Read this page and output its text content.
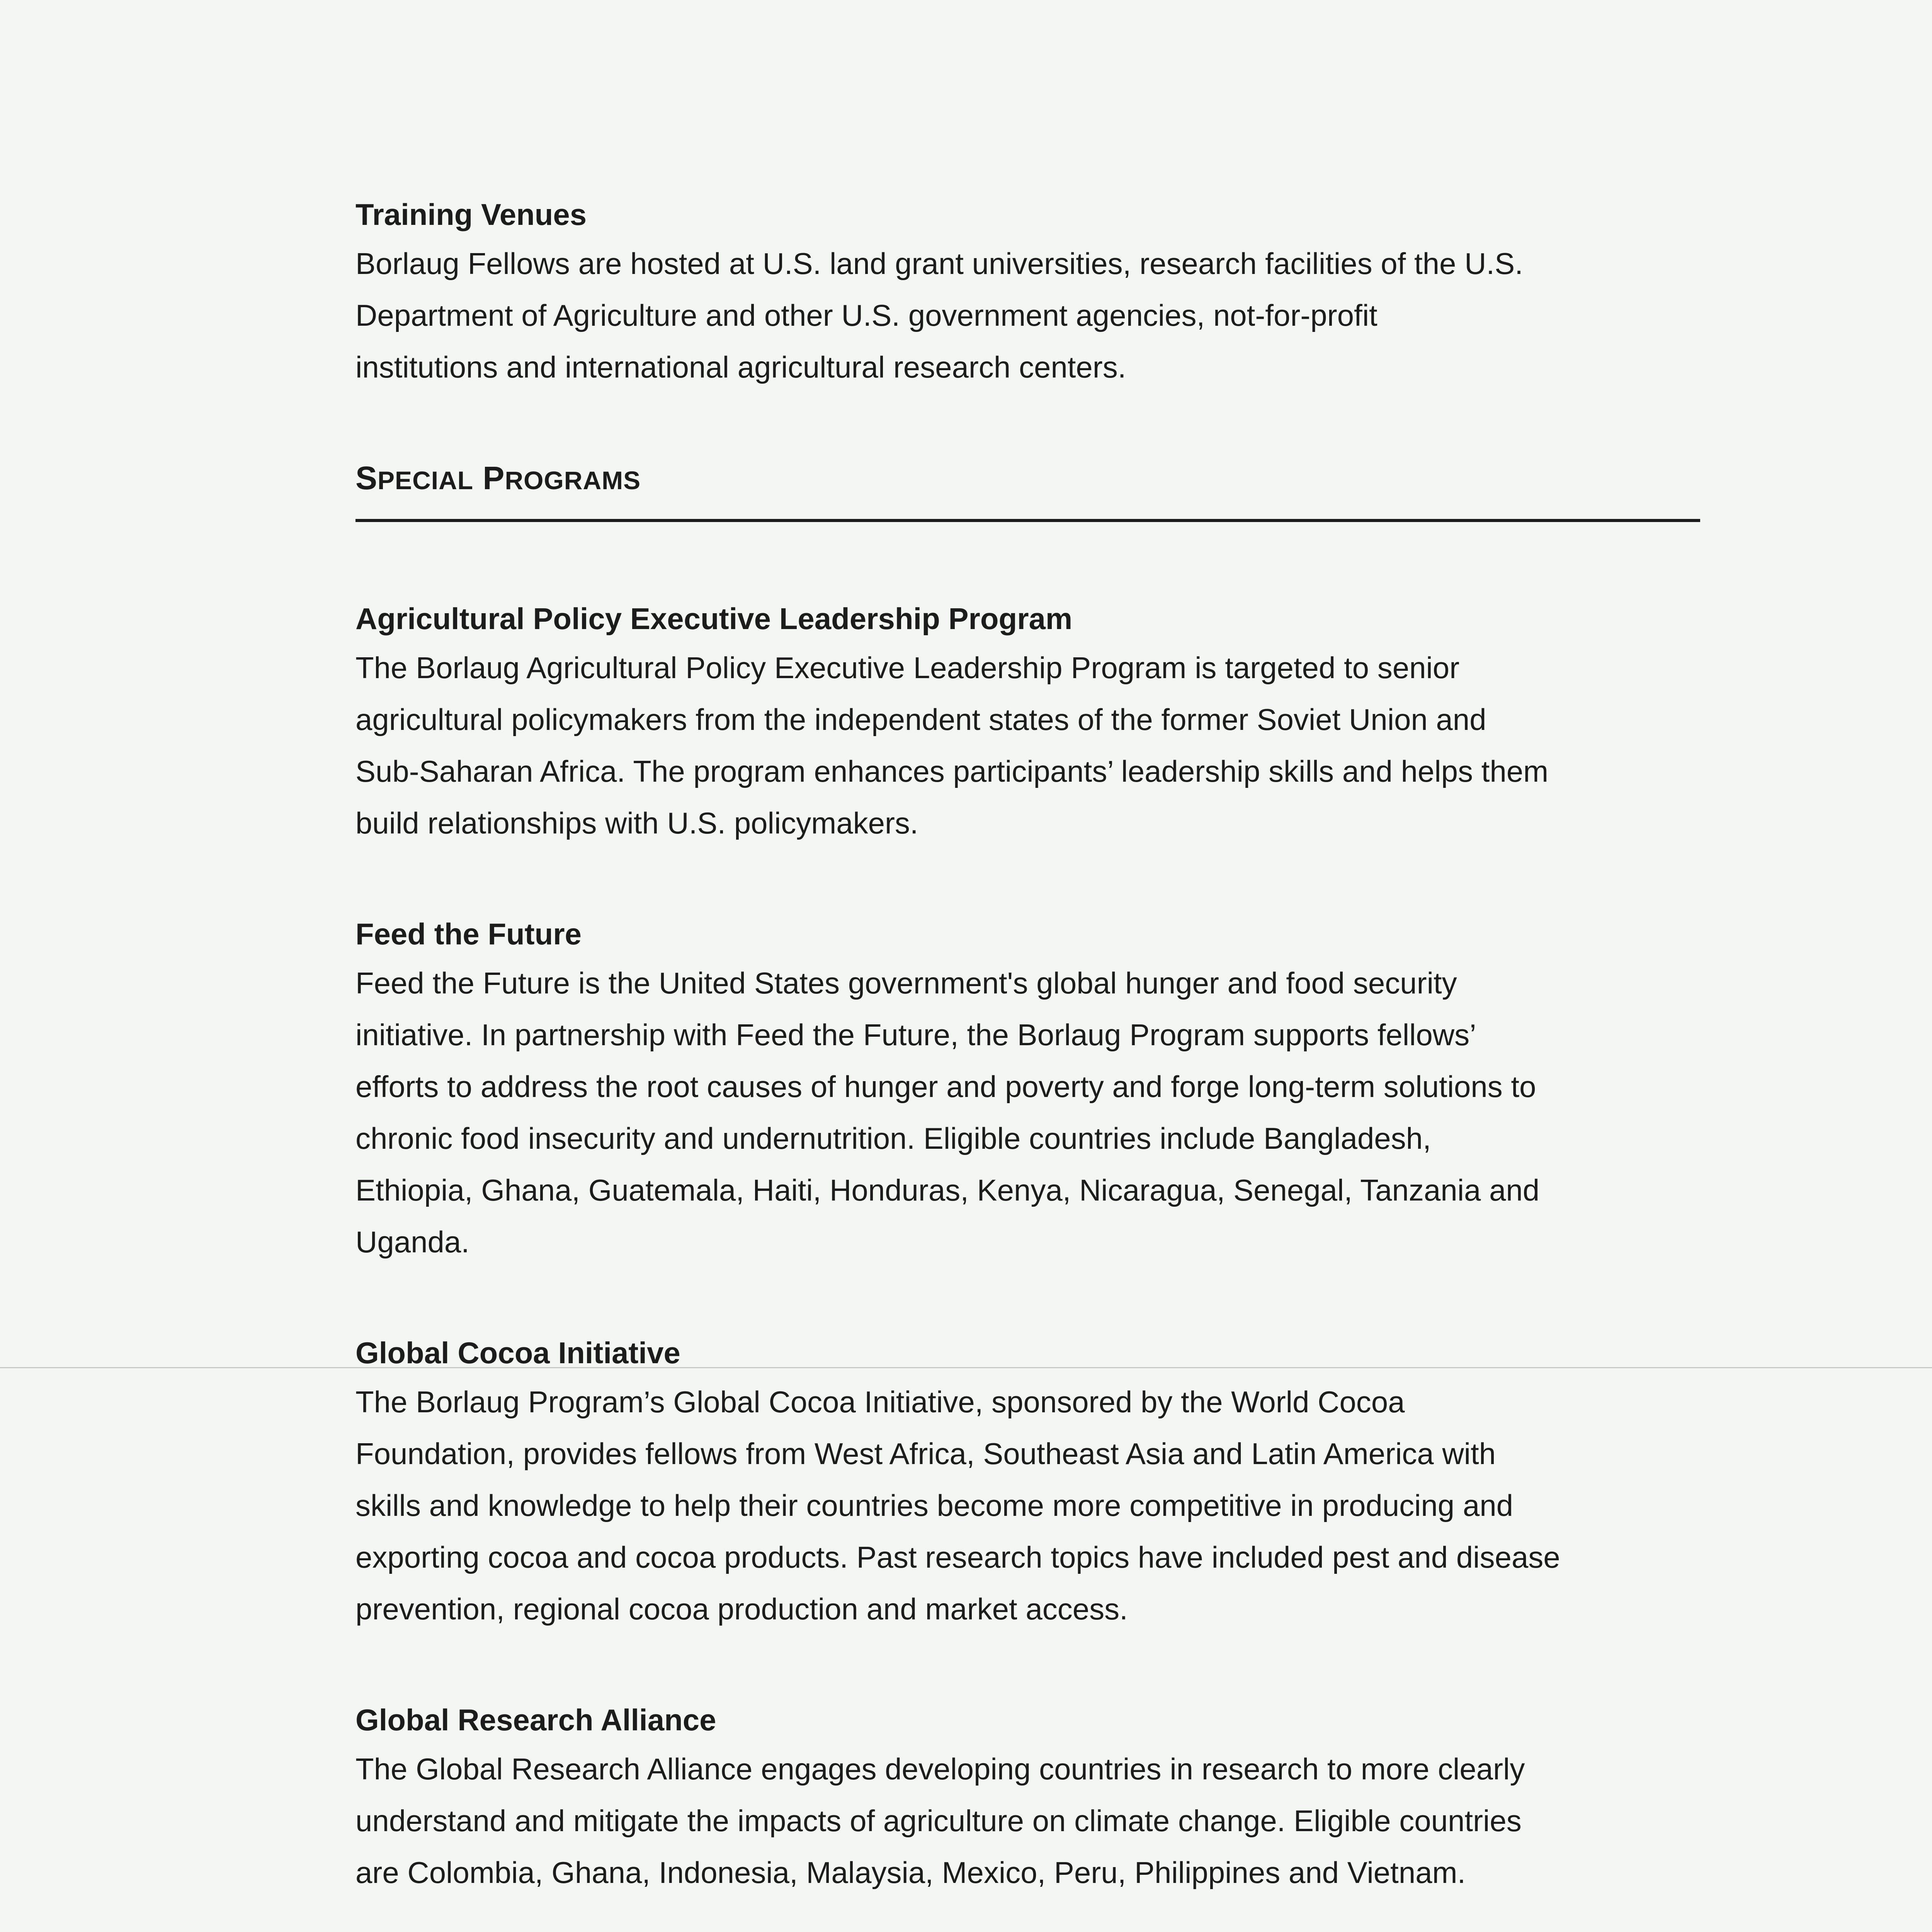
Training Venues

Borlaug Fellows are hosted at U.S. land grant universities, research facilities of the U.S.

Department of Agriculture and other U.S. government agencies, not-for-profit

institutions and international agricultural research centers.

SPECIAL PROGRAMS

Agricultural Policy Executive Leadership Program

The Borlaug Agricultural Policy Executive Leadership Program is targeted to senior

agricultural policymakers from the independent states of the former Soviet Union and

Sub-Saharan Africa. The program enhances participants’ leadership skills and helps them

build relationships with U.S. policymakers.

Feed the Future

Feed the Future is the United States government's global hunger and food security

initiative. In partnership with Feed the Future, the Borlaug Program supports fellows’

efforts to address the root causes of hunger and poverty and forge long-term solutions to

chronic food insecurity and undernutrition. Eligible countries include Bangladesh,

Ethiopia, Ghana, Guatemala, Haiti, Honduras, Kenya, Nicaragua, Senegal, Tanzania and

Uganda.

Global Cocoa Initiative

The Borlaug Program’s Global Cocoa Initiative, sponsored by the World Cocoa

Foundation, provides fellows from West Africa, Southeast Asia and Latin America with

skills and knowledge to help their countries become more competitive in producing and

exporting cocoa and cocoa products. Past research topics have included pest and disease

prevention, regional cocoa production and market access.

Global Research Alliance

The Global Research Alliance engages developing countries in research to more clearly

understand and mitigate the impacts of agriculture on climate change. Eligible countries

are Colombia, Ghana, Indonesia, Malaysia, Mexico, Peru, Philippines and Vietnam.
